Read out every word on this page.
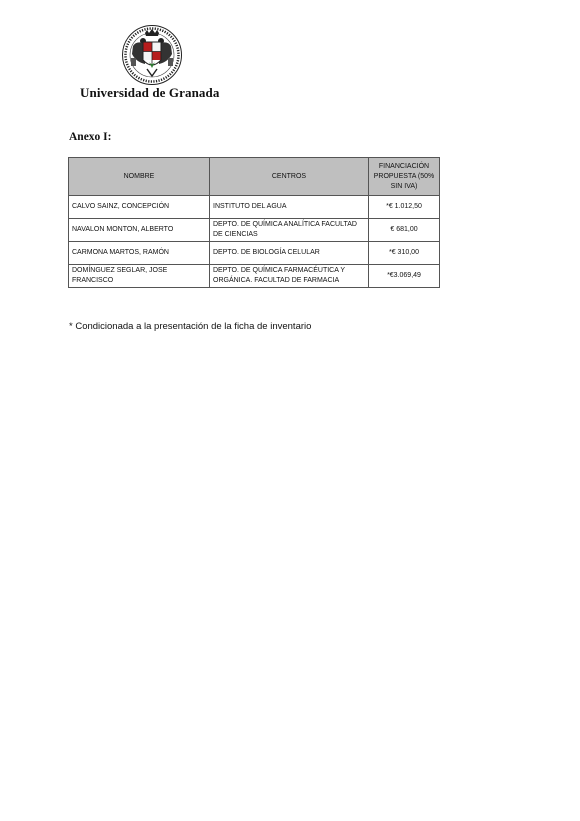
Universidad de Granada
Anexo I:
NOMBRE	CENTROS	FINANCIACIÓN PROPUESTA (50% SIN IVA)
CALVO SAINZ, CONCEPCIÓN	INSTITUTO DEL AGUA	*€ 1.012,50
NAVALON MONTON, ALBERTO	DEPTO. DE QUÍMICA ANALÍTICA FACULTAD DE CIENCIAS	€ 681,00
CARMONA MARTOS, RAMÓN	DEPTO. DE BIOLOGÍA CELULAR	*€ 310,00
DOMÍNGUEZ SEGLAR, JOSE FRANCISCO	DEPTO. DE QUÍMICA FARMACÉUTICA Y ORGÁNICA. FACULTAD DE FARMACIA	*€3.069,49
* Condicionada a la presentación de la ficha de inventario
